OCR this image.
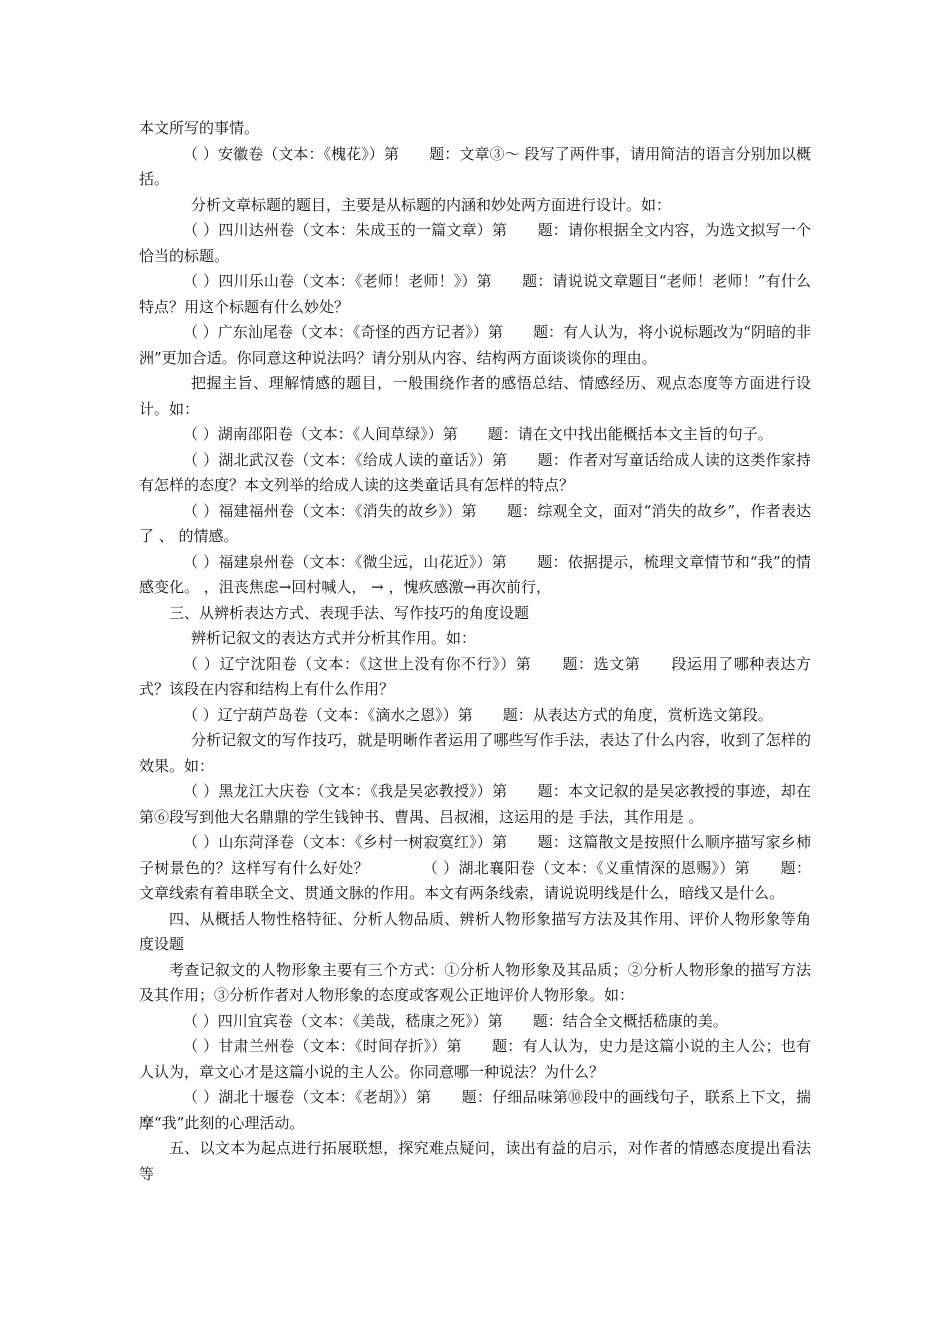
本文所写的事情。

（ ）安徽卷（文本：《槐花》）第　　题：文章③～ 段写了两件事，请用简洁的语言分别加以概括。

分析文章标题的题目，主要是从标题的内涵和妙处两方面进行设计。如：

（ ）四川达州卷（文本：朱成玉的一篇文章）第　　题：请你根据全文内容，为选文拟写一个恰当的标题。

（ ）四川乐山卷（文本：《老师！老师！》）第　　题：请说说文章题目“老师！老师！”有什么特点？用这个标题有什么妙处？

（ ）广东汕尾卷（文本：《奇怪的西方记者》）第　　题：有人认为，将小说标题改为“阴暗的非洲”更加合适。你同意这种说法吗？请分别从内容、结构两方面谈谈你的理由。

把握主旨、理解情感的题目，一般围绕作者的感悟总结、情感经历、观点态度等方面进行设计。如：

（ ）湖南邵阳卷（文本：《人间草绿》）第　　题：请在文中找出能概括本文主旨的句子。

（ ）湖北武汉卷（文本：《给成人读的童话》）第　　题：作者对写童话给成人读的这类作家持有怎样的态度？本文列举的给成人读的这类童话具有怎样的特点？

（ ）福建福州卷（文本：《消失的故乡》）第　　题：综观全文，面对“消失的故乡”，作者表达了 、 的情感。

（ ）福建泉州卷（文本：《微尘远，山花近》）第　　题：依据提示，梳理文章情节和“我”的情感变化。 ，沮丧焦虑→回村喊人， → ，愧疚感激→再次前行，

三、从辨析表达方式、表现手法、写作技巧的角度设题

辨析记叙文的表达方式并分析其作用。如：

（ ）辽宁沈阳卷（文本：《这世上没有你不行》）第　　题：选文第　　段运用了哪种表达方式？该段在内容和结构上有什么作用？

（ ）辽宁葫芦岛卷（文本：《滴水之恩》）第　　题：从表达方式的角度，赏析选文第段。

分析记叙文的写作技巧，就是明晰作者运用了哪些写作手法，表达了什么内容，收到了怎样的效果。如：

（ ）黑龙江大庆卷（文本：《我是吴宓教授》）第　　题：本文记叙的是吴宓教授的事迹，却在第⑥段写到他大名鼎鼎的学生钱钟书、曹禺、吕叔湘，这运用的是 手法，其作用是 。

（ ）山东菏泽卷（文本：《乡村一树寂寞红》）第　　题：这篇散文是按照什么顺序描写家乡柿子树景色的？这样写有什么好处？　　　　（ ）湖北襄阳卷（文本：《义重情深的恩赐》）第　　题：文章线索有着串联全文、贯通文脉的作用。本文有两条线索，请说说明线是什么，暗线又是什么。

四、从概括人物性格特征、分析人物品质、辨析人物形象描写方法及其作用、评价人物形象等角度设题

考查记叙文的人物形象主要有三个方式：①分析人物形象及其品质；②分析人物形象的描写方法及其作用；③分析作者对人物形象的态度或客观公正地评价人物形象。如：

（ ）四川宜宾卷（文本：《美哉，嵇康之死》）第　　题：结合全文概括嵇康的美。

（ ）甘肃兰州卷（文本：《时间存折》）第　　题：有人认为，史力是这篇小说的主人公；也有人认为，章文心才是这篇小说的主人公。你同意哪一种说法？为什么？

（ ）湖北十堰卷（文本：《老胡》）第　　题：仔细品味第⑩段中的画线句子，联系上下文，揣摩“我”此刻的心理活动。

五、以文本为起点进行拓展联想，探究难点疑问，读出有益的启示，对作者的情感态度提出看法等
